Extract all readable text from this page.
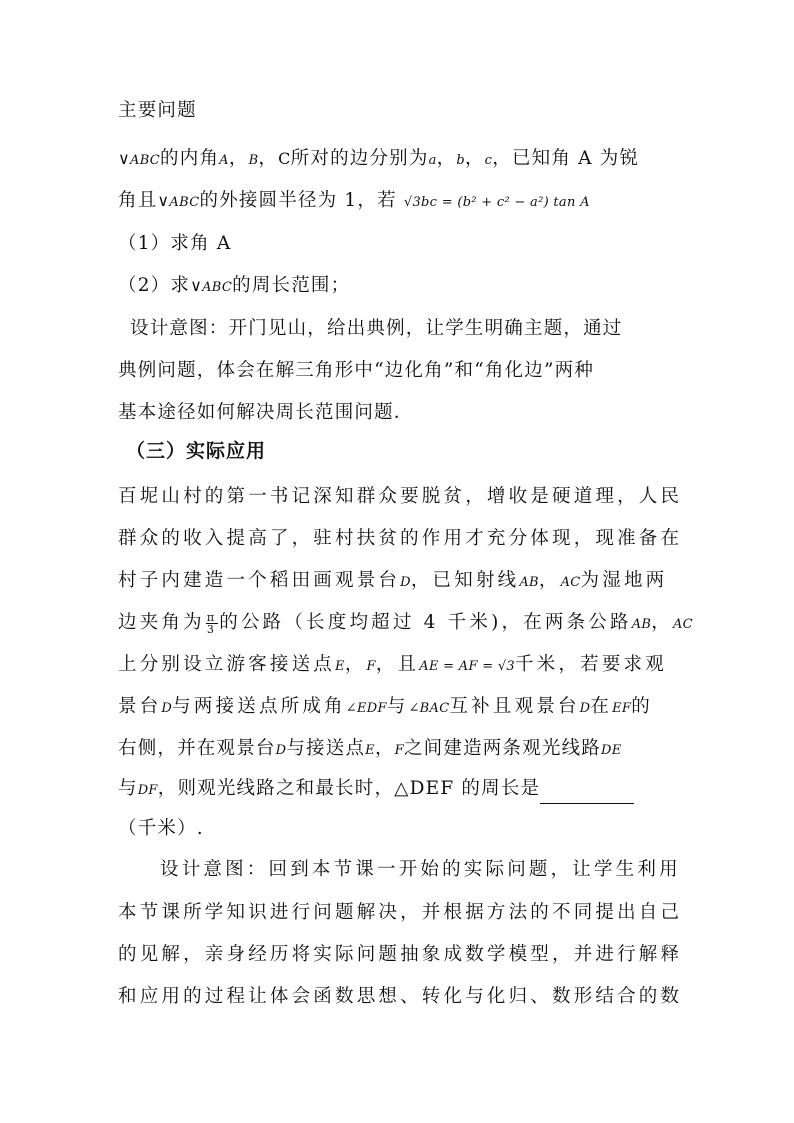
主要问题
∨ABC的内角A，B，C所对的边分别为a，b，c，已知角 A 为锐
角且∨ABC的外接圆半径为 1，若 √3bc = (b² + c² − a²) tan A
（1）求角 A
（2）求∨ABC的周长范围；
设计意图：开门见山，给出典例，让学生明确主题，通过
典例问题，体会在解三角形中“边化角”和“角化边”两种
基本途径如何解决周长范围问题．
（三）实际应用
百坭山村的第一书记深知群众要脱贫，增收是硬道理，人民
群众的收入提高了，驻村扶贫的作用才充分体现，现准备在
村子内建造一个稻田画观景台D，已知射线AB，AC为湿地两
边夹角为 $\frac{\pi}{3}$ 的公路（长度均超过 4 千米)，在两条公路AB，AC
上分别设立游客接送点E，F，且AE = AF = √3千米，若要求观
景台D与两接送点所成角∠EDF与∠BAC互补且观景台D在EF的
右侧，并在观景台D与接送点E，F之间建造两条观光线路DE
与DF，则观光线路之和最长时，△DEF 的周长是
（千米）.
设计意图：回到本节课一开始的实际问题，让学生利用
本节课所学知识进行问题解决，并根据方法的不同提出自己
的见解，亲身经历将实际问题抽象成数学模型，并进行解释
和应用的过程让体会函数思想、转化与化归、数形结合的数
